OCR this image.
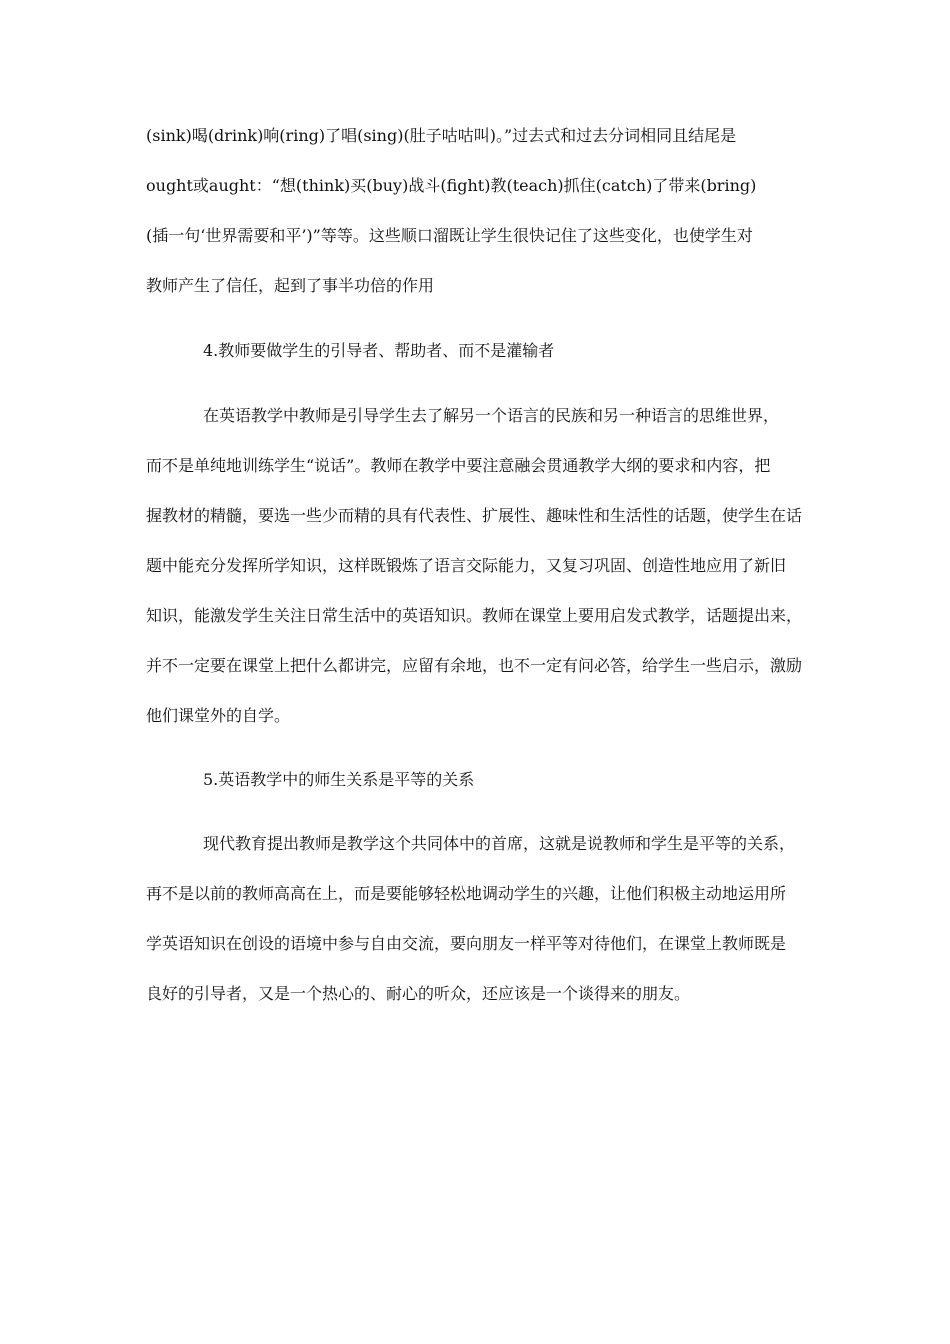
(sink)喝(drink)响(ring)了唱(sing)(肚子咕咕叫)。”过去式和过去分词相同且结尾是
ought或aught：“想(think)买(buy)战斗(fight)教(teach)抓住(catch)了带来(bring)
(插一句‘世界需要和平’)”等等。这些顺口溜既让学生很快记住了这些变化，也使学生对
教师产生了信任，起到了事半功倍的作用
4.教师要做学生的引导者、帮助者、而不是灌输者
在英语教学中教师是引导学生去了解另一个语言的民族和另一种语言的思维世界，
而不是单纯地训练学生“说话”。教师在教学中要注意融会贯通教学大纲的要求和内容，把
握教材的精髓，要选一些少而精的具有代表性、扩展性、趣味性和生活性的话题，使学生在话
题中能充分发挥所学知识，这样既锻炼了语言交际能力，又复习巩固、创造性地应用了新旧
知识，能激发学生关注日常生活中的英语知识。教师在课堂上要用启发式教学，话题提出来，
并不一定要在课堂上把什么都讲完，应留有余地，也不一定有问必答，给学生一些启示，激励
他们课堂外的自学。
5.英语教学中的师生关系是平等的关系
现代教育提出教师是教学这个共同体中的首席，这就是说教师和学生是平等的关系，
再不是以前的教师高高在上，而是要能够轻松地调动学生的兴趣，让他们积极主动地运用所
学英语知识在创设的语境中参与自由交流，要向朋友一样平等对待他们，在课堂上教师既是
良好的引导者，又是一个热心的、耐心的听众，还应该是一个谈得来的朋友。
